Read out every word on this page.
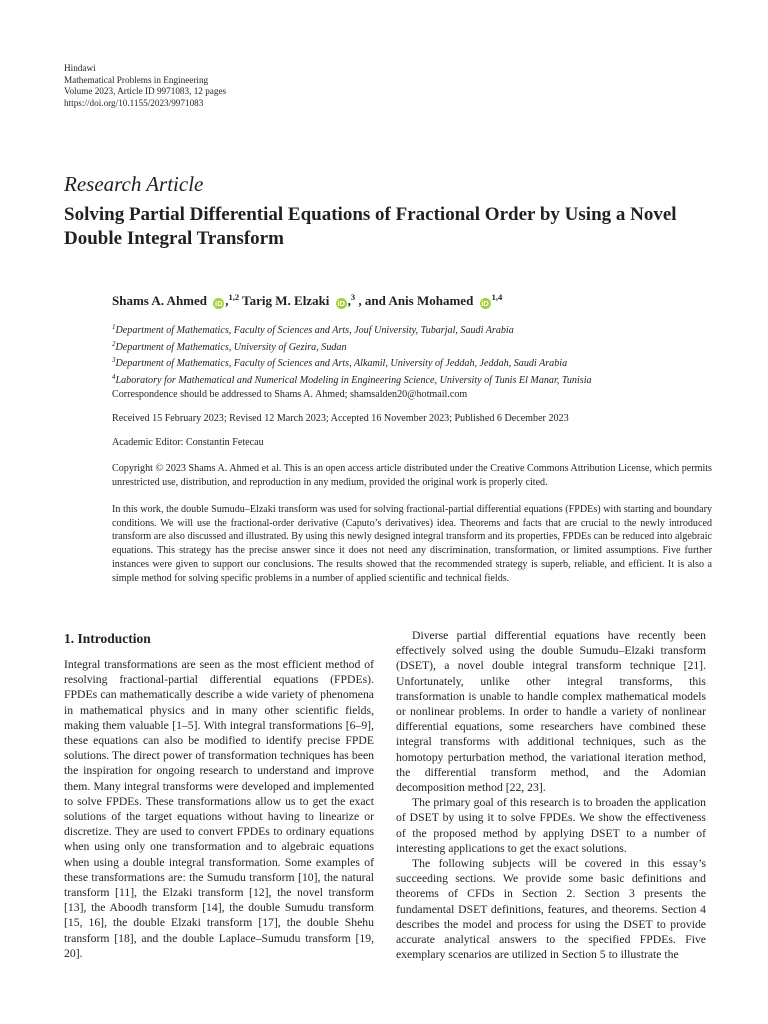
Hindawi
Mathematical Problems in Engineering
Volume 2023, Article ID 9971083, 12 pages
https://doi.org/10.1155/2023/9971083
Research Article
Solving Partial Differential Equations of Fractional Order by Using a Novel Double Integral Transform
Shams A. Ahmed iD ,$^{1,2}$ Tarig M. Elzaki iD ,$^3$ , and Anis Mohamed iD$^{1,4}$
$^1$Department of Mathematics, Faculty of Sciences and Arts, Jouf University, Tubarjal, Saudi Arabia
$^2$Department of Mathematics, University of Gezira, Sudan
$^3$Department of Mathematics, Faculty of Sciences and Arts, Alkamil, University of Jeddah, Jeddah, Saudi Arabia
$^4$Laboratory for Mathematical and Numerical Modeling in Engineering Science, University of Tunis El Manar, Tunisia
Correspondence should be addressed to Shams A. Ahmed; shamsalden20@hotmail.com
Received 15 February 2023; Revised 12 March 2023; Accepted 16 November 2023; Published 6 December 2023
Academic Editor: Constantin Fetecau
Copyright © 2023 Shams A. Ahmed et al. This is an open access article distributed under the Creative Commons Attribution License, which permits unrestricted use, distribution, and reproduction in any medium, provided the original work is properly cited.
In this work, the double Sumudu–Elzaki transform was used for solving fractional-partial differential equations (FPDEs) with starting and boundary conditions. We will use the fractional-order derivative (Caputo’s derivatives) idea. Theorems and facts that are crucial to the newly introduced transform are also discussed and illustrated. By using this newly designed integral transform and its properties, FPDEs can be reduced into algebraic equations. This strategy has the precise answer since it does not need any discrimination, transformation, or limited assumptions. Five further instances were given to support our conclusions. The results showed that the recommended strategy is superb, reliable, and efficient. It is also a simple method for solving specific problems in a number of applied scientific and technical fields.
1. Introduction

Integral transformations are seen as the most efficient method of resolving fractional-partial differential equations (FPDEs). FPDEs can mathematically describe a wide variety of phenomena in mathematical physics and in many other scientific fields, making them valuable [1–5]. With integral transformations [6–9], these equations can also be modified to identify precise FPDE solutions. The direct power of transformation techniques has been the inspiration for ongoing research to understand and improve them. Many integral transforms were developed and implemented to solve FPDEs. These transformations allow us to get the exact solutions of the target equations without having to linearize or discretize. They are used to convert FPDEs to ordinary equations when using only one transformation and to algebraic equations when using a double integral transformation. Some examples of these transformations are: the Sumudu transform [10], the natural transform [11], the Elzaki transform [12], the novel transform [13], the Aboodh transform [14], the double Sumudu transform [15, 16], the double Elzaki transform [17], the double Shehu transform [18], and the double Laplace–Sumudu transform [19, 20].

Diverse partial differential equations have recently been effectively solved using the double Sumudu–Elzaki transform (DSET), a novel double integral transform technique [21]. Unfortunately, unlike other integral transforms, this transformation is unable to handle complex mathematical models or nonlinear problems. In order to handle a variety of nonlinear differential equations, some researchers have combined these integral transforms with additional techniques, such as the homotopy perturbation method, the variational iteration method, the differential transform method, and the Adomian decomposition method [22, 23].

The primary goal of this research is to broaden the application of DSET by using it to solve FPDEs. We show the effectiveness of the proposed method by applying DSET to a number of interesting applications to get the exact solutions.

The following subjects will be covered in this essay’s succeeding sections. We provide some basic definitions and theorems of CFDs in Section 2. Section 3 presents the fundamental DSET definitions, features, and theorems. Section 4 describes the model and process for using the DSET to provide accurate analytical answers to the specified FPDEs. Five exemplary scenarios are utilized in Section 5 to illustrate the
